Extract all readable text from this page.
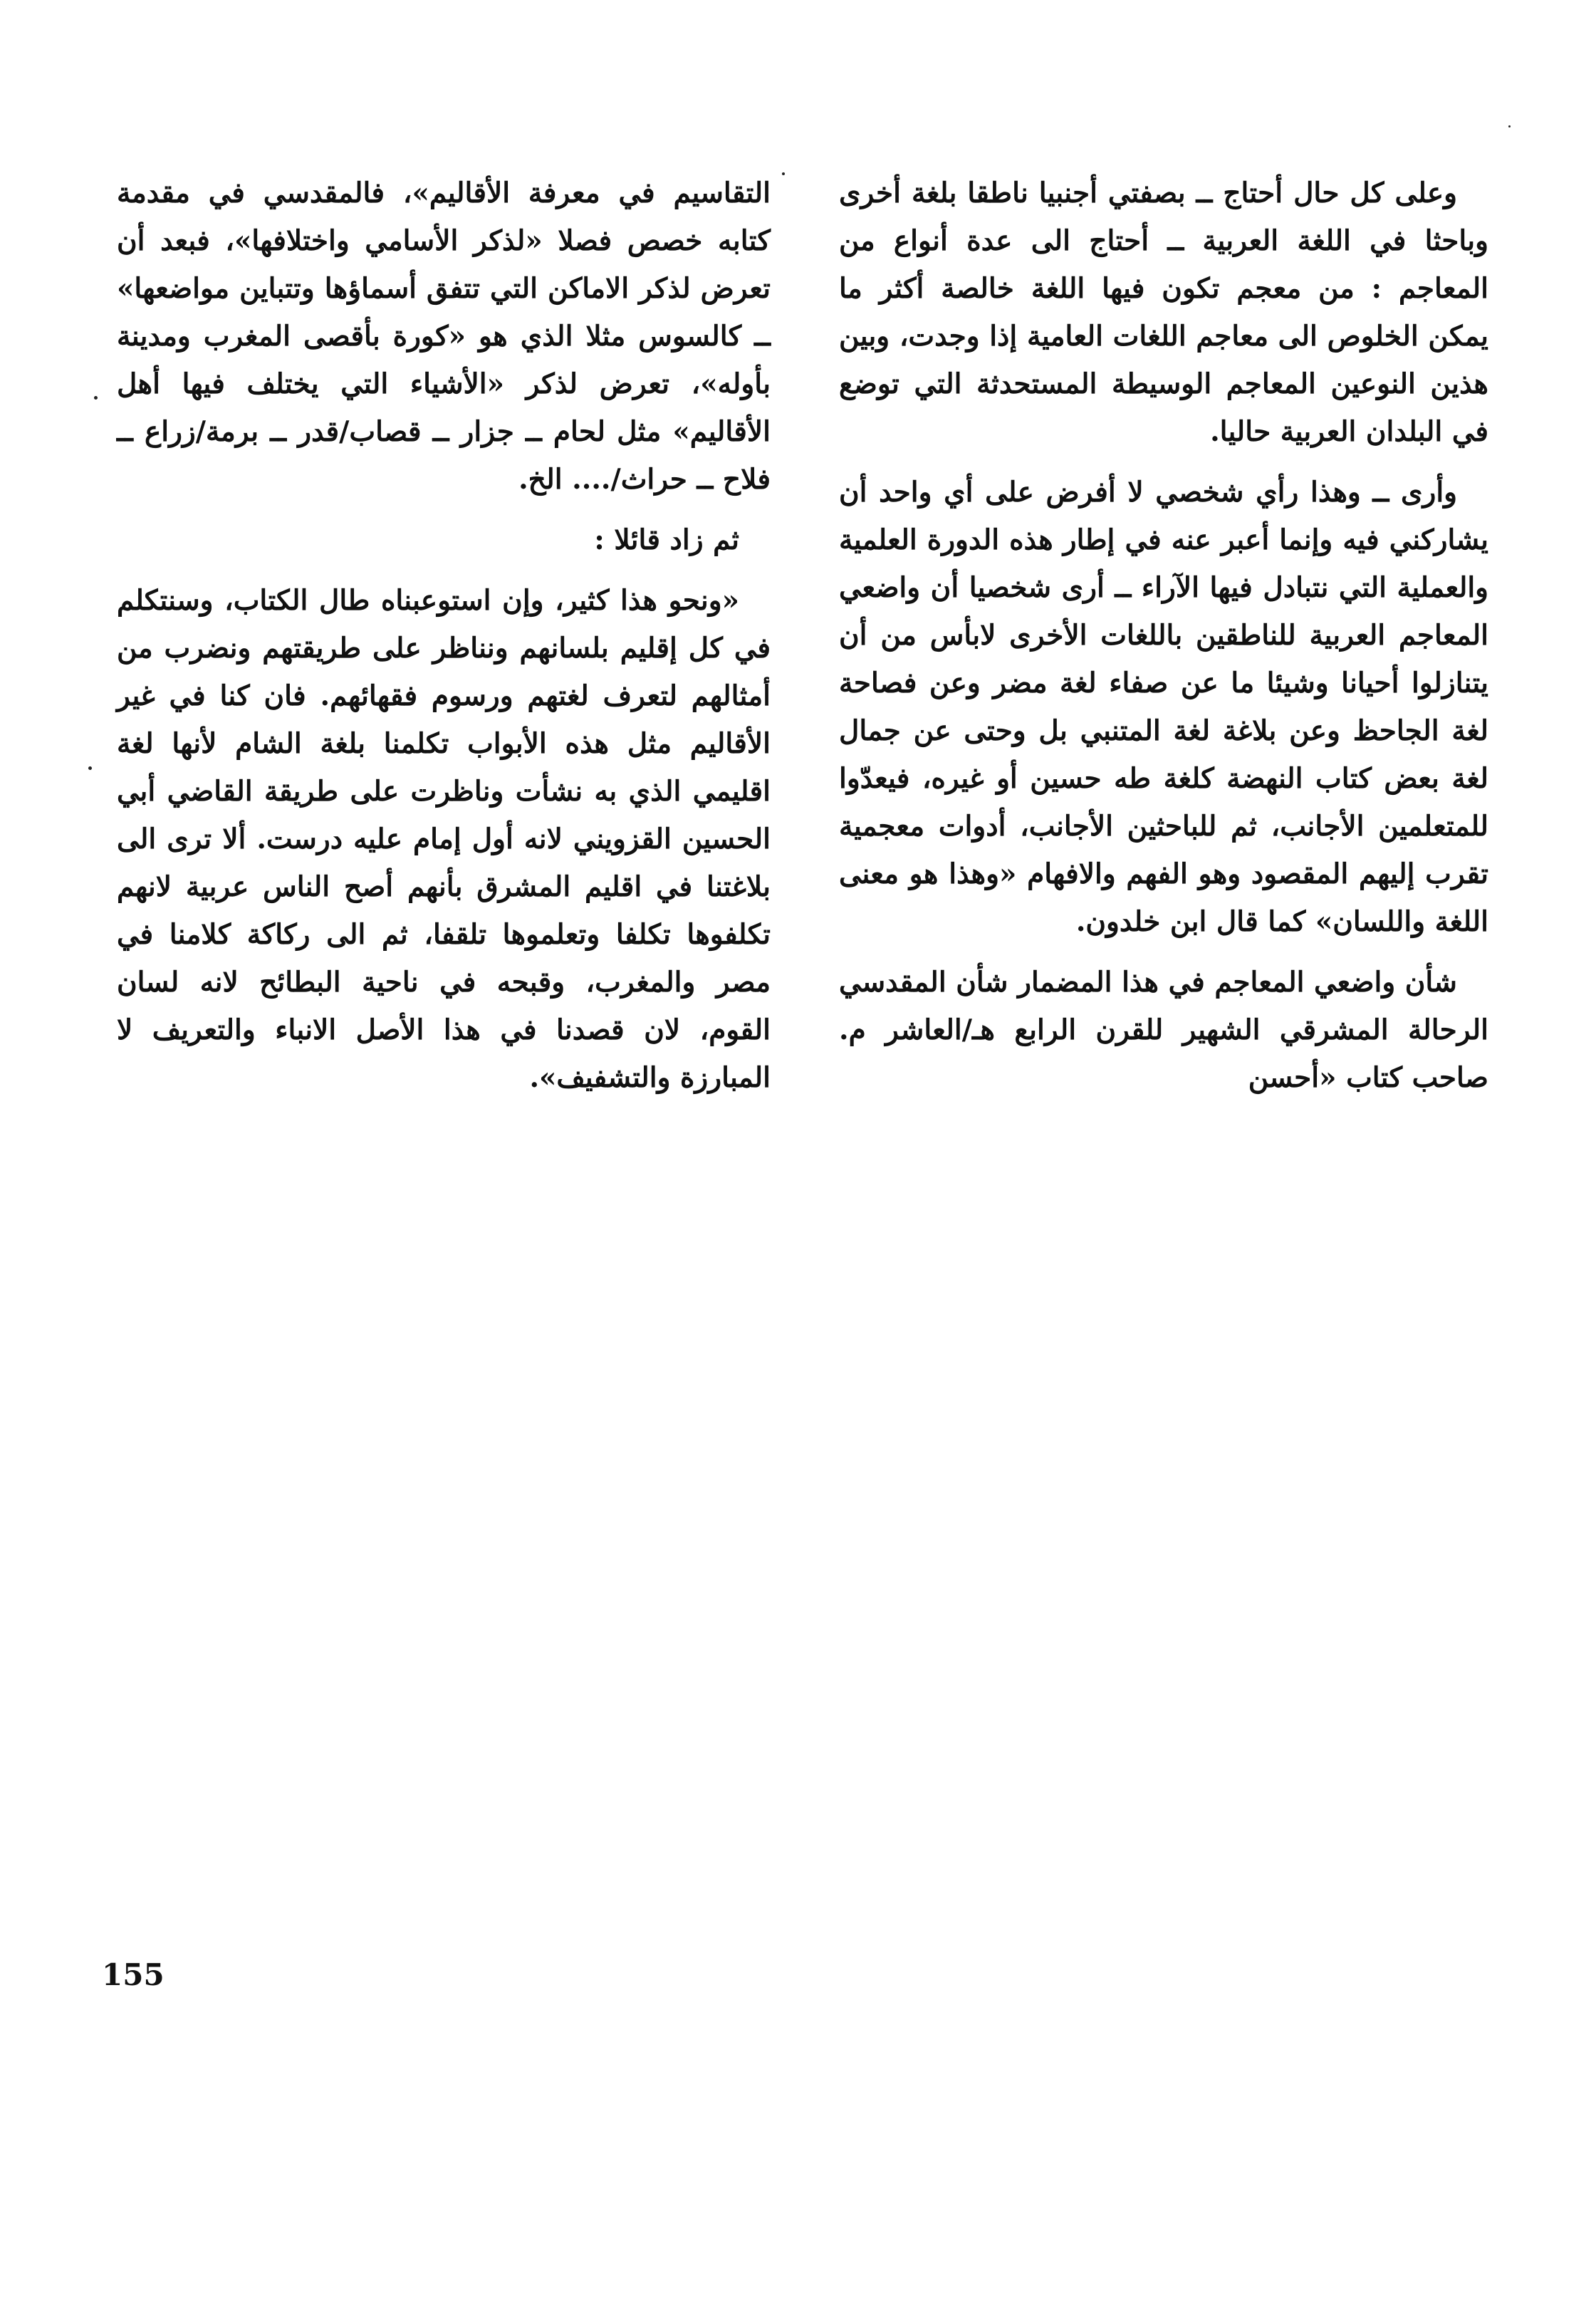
وعلى كل حال أحتاج ــ بصفتي أجنبيا ناطقا بلغة أخرى وباحثا في اللغة العربية ــ أحتاج الى عدة أنواع من المعاجم : من معجم تكون فيها اللغة خالصة أكثر ما يمكن الخلوص الى معاجم اللغات العامية إذا وجدت، وبين هذين النوعين المعاجم الوسيطة المستحدثة التي توضع في البلدان العربية حاليا.

وأرى ــ وهذا رأي شخصي لا أفرض على أي واحد أن يشاركني فيه وإنما أعبر عنه في إطار هذه الدورة العلمية والعملية التي نتبادل فيها الآراء ــ أرى شخصيا أن واضعي المعاجم العربية للناطقين باللغات الأخرى لابأس من أن يتنازلوا أحيانا وشيئا ما عن صفاء لغة مضر وعن فصاحة لغة الجاحظ وعن بلاغة لغة المتنبي بل وحتى عن جمال لغة بعض كتاب النهضة كلغة طه حسين أو غيره، فيعدّوا للمتعلمين الأجانب، ثم للباحثين الأجانب، أدوات معجمية تقرب إليهم المقصود وهو الفهم والافهام «وهذا هو معنى اللغة واللسان» كما قال ابن خلدون.

شأن واضعي المعاجم في هذا المضمار شأن المقدسي الرحالة المشرقي الشهير للقرن الرابع هـ/العاشر م. صاحب كتاب «أحسن

التقاسيم في معرفة الأقاليم»، فالمقدسي في مقدمة كتابه خصص فصلا «لذكر الأسامي واختلافها»، فبعد أن تعرض لذكر الاماكن التي تتفق أسماؤها وتتباين مواضعها» ــ كالسوس مثلا الذي هو «كورة بأقصى المغرب ومدينة بأوله»، تعرض لذكر «الأشياء التي يختلف فيها أهل الأقاليم» مثل لحام ــ جزار ــ قصاب/قدر ــ برمة/زراع ــ فلاح ــ حراث/.... الخ.

ثم زاد قائلا :

«ونحو هذا كثير، وإن استوعبناه طال الكتاب، وسنتكلم في كل إقليم بلسانهم ونناظر على طريقتهم ونضرب من أمثالهم لتعرف لغتهم ورسوم فقهائهم. فان كنا في غير الأقاليم مثل هذه الأبواب تكلمنا بلغة الشام لأنها لغة اقليمي الذي به نشأت وناظرت على طريقة القاضي أبي الحسين القزويني لانه أول إمام عليه درست. ألا ترى الى بلاغتنا في اقليم المشرق بأنهم أصح الناس عربية لانهم تكلفوها تكلفا وتعلموها تلقفا، ثم الى ركاكة كلامنا في مصر والمغرب، وقبحه في ناحية البطائح لانه لسان القوم، لان قصدنا في هذا الأصل الانباء والتعريف لا المبارزة والتشفيف».

155
